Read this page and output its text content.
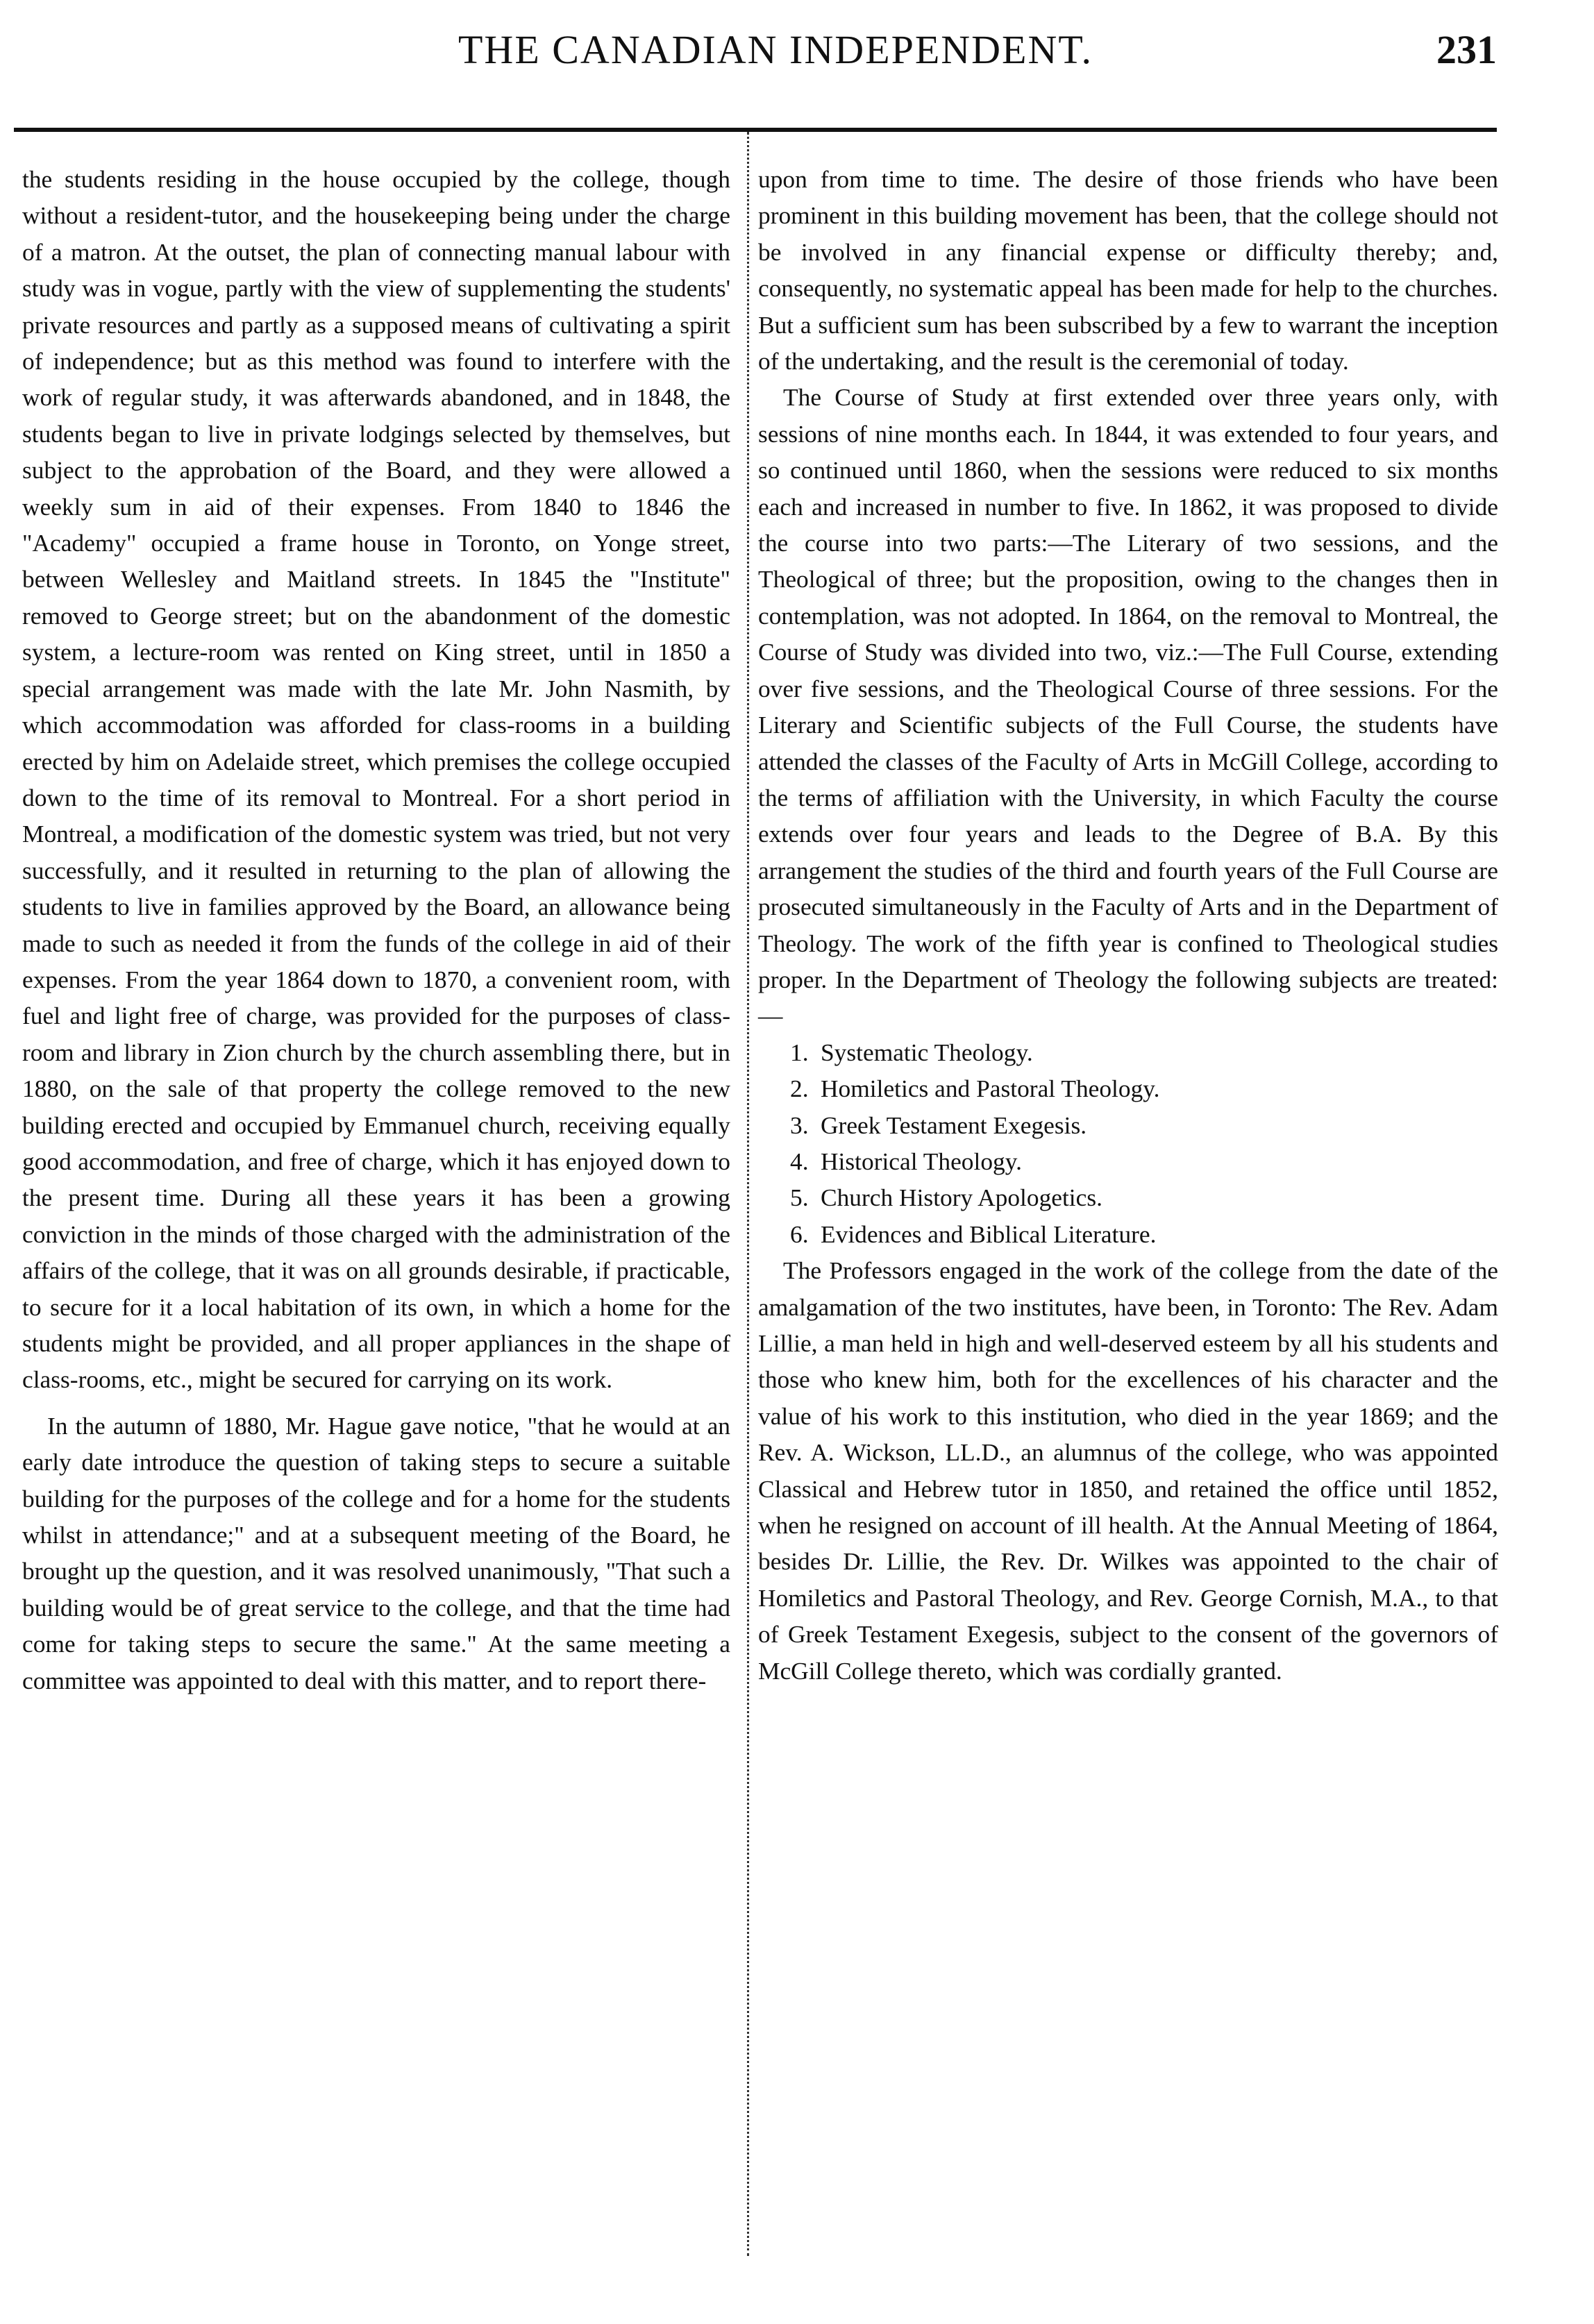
THE CANADIAN INDEPENDENT.	231

the students residing in the house occupied by the college, though without a resident-tutor, and the housekeeping being under the charge of a matron. At the outset, the plan of connecting manual labour with study was in vogue, partly with the view of supplementing the students' private resources and partly as a supposed means of cultivating a spirit of independence; but as this method was found to interfere with the work of regular study, it was afterwards abandoned, and in 1848, the students began to live in private lodgings selected by themselves, but subject to the approbation of the Board, and they were allowed a weekly sum in aid of their expenses. From 1840 to 1846 the "Academy" occupied a frame house in Toronto, on Yonge street, between Wellesley and Maitland streets. In 1845 the "Institute" removed to George street; but on the abandonment of the domestic system, a lecture-room was rented on King street, until in 1850 a special arrangement was made with the late Mr. John Nasmith, by which accommodation was afforded for class-rooms in a building erected by him on Adelaide street, which premises the college occupied down to the time of its removal to Montreal. For a short period in Montreal, a modification of the domestic system was tried, but not very successfully, and it resulted in returning to the plan of allowing the students to live in families approved by the Board, an allowance being made to such as needed it from the funds of the college in aid of their expenses. From the year 1864 down to 1870, a convenient room, with fuel and light free of charge, was provided for the purposes of class-room and library in Zion church by the church assembling there, but in 1880, on the sale of that property the college removed to the new building erected and occupied by Emmanuel church, receiving equally good accommodation, and free of charge, which it has enjoyed down to the present time. During all these years it has been a growing conviction in the minds of those charged with the administration of the affairs of the college, that it was on all grounds desirable, if practicable, to secure for it a local habitation of its own, in which a home for the students might be provided, and all proper appliances in the shape of class-rooms, etc., might be secured for carrying on its work.

In the autumn of 1880, Mr. Hague gave notice, "that he would at an early date introduce the question of taking steps to secure a suitable building for the purposes of the college and for a home for the students whilst in attendance;" and at a subsequent meeting of the Board, he brought up the question, and it was resolved unanimously, "That such a building would be of great service to the college, and that the time had come for taking steps to secure the same." At the same meeting a committee was appointed to deal with this matter, and to report there-

upon from time to time. The desire of those friends who have been prominent in this building movement has been, that the college should not be involved in any financial expense or difficulty thereby; and, consequently, no systematic appeal has been made for help to the churches. But a sufficient sum has been subscribed by a few to warrant the inception of the undertaking, and the result is the ceremonial of today.

The Course of Study at first extended over three years only, with sessions of nine months each. In 1844, it was extended to four years, and so continued until 1860, when the sessions were reduced to six months each and increased in number to five. In 1862, it was proposed to divide the course into two parts:—The Literary of two sessions, and the Theological of three; but the proposition, owing to the changes then in contemplation, was not adopted. In 1864, on the removal to Montreal, the Course of Study was divided into two, viz.:—The Full Course, extending over five sessions, and the Theological Course of three sessions. For the Literary and Scientific subjects of the Full Course, the students have attended the classes of the Faculty of Arts in McGill College, according to the terms of affiliation with the University, in which Faculty the course extends over four years and leads to the Degree of B.A. By this arrangement the studies of the third and fourth years of the Full Course are prosecuted simultaneously in the Faculty of Arts and in the Department of Theology. The work of the fifth year is confined to Theological studies proper. In the Department of Theology the following subjects are treated:—

1. Systematic Theology.
2. Homiletics and Pastoral Theology.
3. Greek Testament Exegesis.
4. Historical Theology.
5. Church History Apologetics.
6. Evidences and Biblical Literature.

The Professors engaged in the work of the college from the date of the amalgamation of the two institutes, have been, in Toronto: The Rev. Adam Lillie, a man held in high and well-deserved esteem by all his students and those who knew him, both for the excellences of his character and the value of his work to this institution, who died in the year 1869; and the Rev. A. Wickson, LL.D., an alumnus of the college, who was appointed Classical and Hebrew tutor in 1850, and retained the office until 1852, when he resigned on account of ill health. At the Annual Meeting of 1864, besides Dr. Lillie, the Rev. Dr. Wilkes was appointed to the chair of Homiletics and Pastoral Theology, and Rev. George Cornish, M.A., to that of Greek Testament Exegesis, subject to the consent of the governors of McGill College thereto, which was cordially granted.
